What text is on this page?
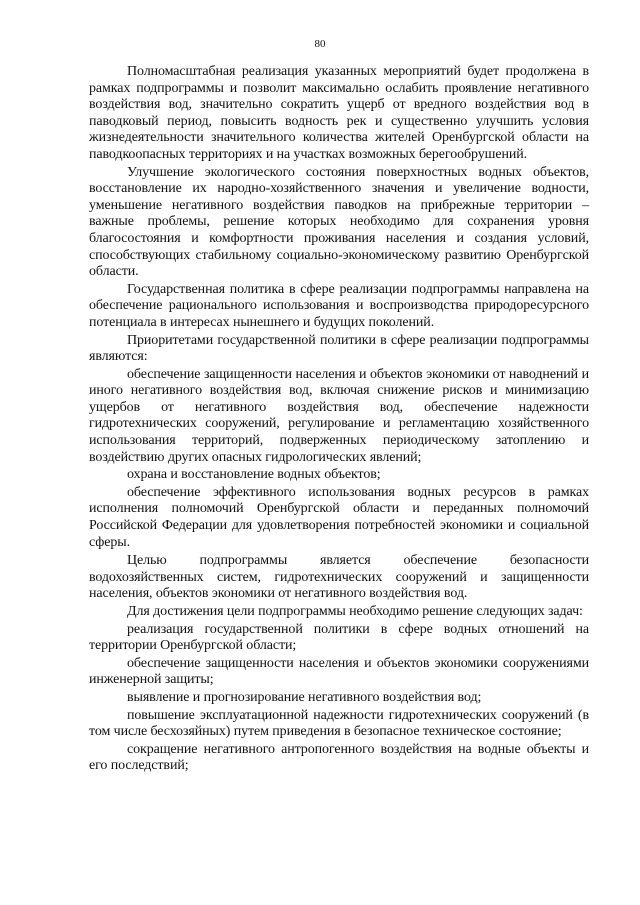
80

Полномасштабная реализация указанных мероприятий будет продолжена в рамках подпрограммы и позволит максимально ослабить проявление негативного воздействия вод, значительно сократить ущерб от вредного воздействия вод в паводковый период, повысить водность рек и существенно улучшить условия жизнедеятельности значительного количества жителей Оренбургской области на паводкоопасных территориях и на участках возможных берегообрушений.

Улучшение экологического состояния поверхностных водных объектов, восстановление их народно-хозяйственного значения и увеличение водности, уменьшение негативного воздействия паводков на прибрежные территории – важные проблемы, решение которых необходимо для сохранения уровня благосостояния и комфортности проживания населения и создания условий, способствующих стабильному социально-экономическому развитию Оренбургской области.

Государственная политика в сфере реализации подпрограммы направлена на обеспечение рационального использования и воспроизводства природоресурсного потенциала в интересах нынешнего и будущих поколений.

Приоритетами государственной политики в сфере реализации подпрограммы являются:

обеспечение защищенности населения и объектов экономики от наводнений и иного негативного воздействия вод, включая снижение рисков и минимизацию ущербов от негативного воздействия вод, обеспечение надежности гидротехнических сооружений, регулирование и регламентацию хозяйственного использования территорий, подверженных периодическому затоплению и воздействию других опасных гидрологических явлений;

охрана и восстановление водных объектов;

обеспечение эффективного использования водных ресурсов в рамках исполнения полномочий Оренбургской области и переданных полномочий Российской Федерации для удовлетворения потребностей экономики и социальной сферы.

Целью подпрограммы является обеспечение безопасности водохозяйственных систем, гидротехнических сооружений и защищенности населения, объектов экономики от негативного воздействия вод.

Для достижения цели подпрограммы необходимо решение следующих задач:

реализация государственной политики в сфере водных отношений на территории Оренбургской области;

обеспечение защищенности населения и объектов экономики сооружениями инженерной защиты;

выявление и прогнозирование негативного воздействия вод;

повышение эксплуатационной надежности гидротехнических сооружений (в том числе бесхозяйных) путем приведения в безопасное техническое состояние;

сокращение негативного антропогенного воздействия на водные объекты и его последствий;
